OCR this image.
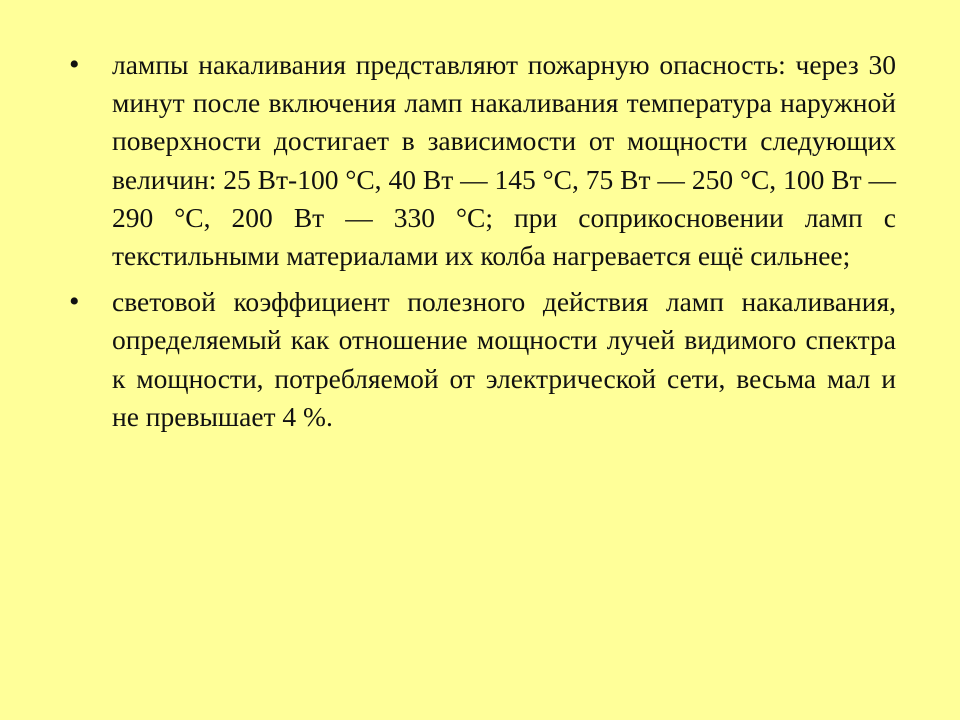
• лампы накаливания представляют пожарную опасность: через 30 минут после включения ламп накаливания температура наружной поверхности достигает в зависимости от мощности следующих величин: 25 Вт-100 °С, 40 Вт — 145 °С, 75 Вт — 250 °С, 100 Вт — 290 °С, 200 Вт — 330 °С; при соприкосновении ламп с текстильными материалами их колба нагревается ещё сильнее;
• световой коэффициент полезного действия ламп накаливания, определяемый как отношение мощности лучей видимого спектра к мощности, потребляемой от электрической сети, весьма мал и не превышает 4 %.
